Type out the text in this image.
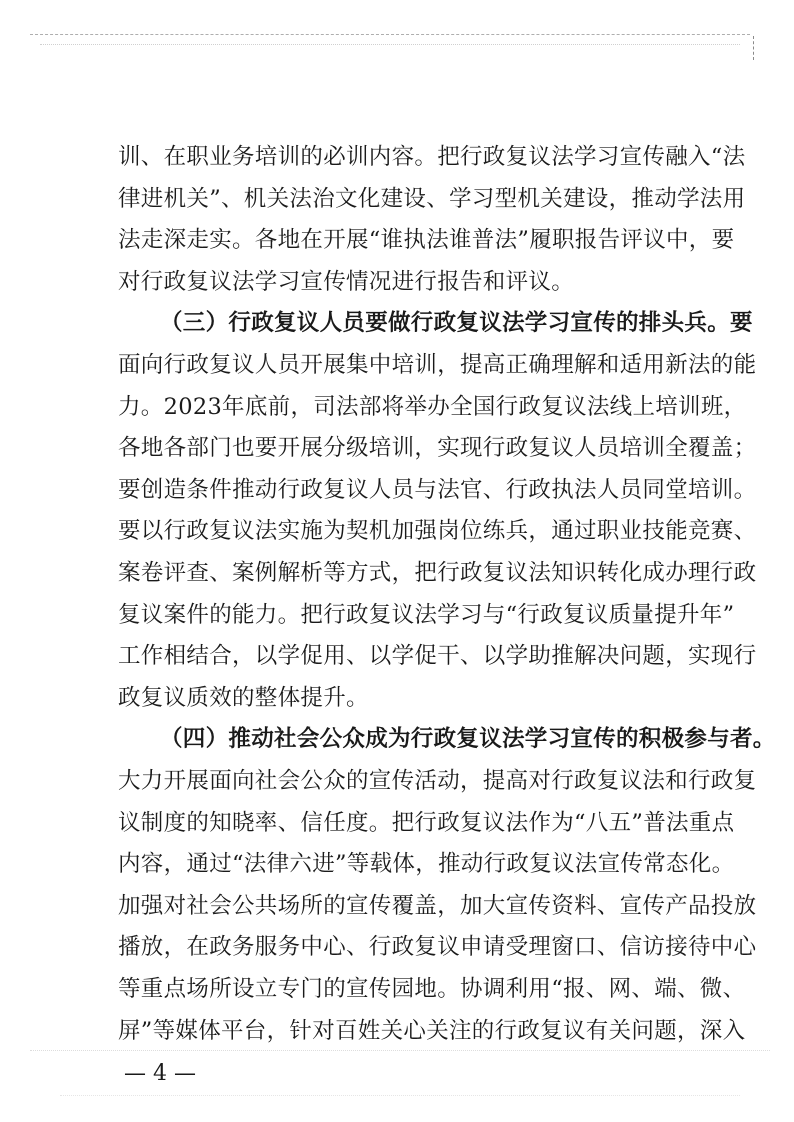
训、在职业务培训的必训内容。把行政复议法学习宣传融入“法
律进机关”、机关法治文化建设、学习型机关建设，推动学法用
法走深走实。各地在开展“谁执法谁普法”履职报告评议中，要
对行政复议法学习宣传情况进行报告和评议。
（三）行政复议人员要做行政复议法学习宣传的排头兵。要
面向行政复议人员开展集中培训，提高正确理解和适用新法的能
力。2023年底前，司法部将举办全国行政复议法线上培训班，
各地各部门也要开展分级培训，实现行政复议人员培训全覆盖；
要创造条件推动行政复议人员与法官、行政执法人员同堂培训。
要以行政复议法实施为契机加强岗位练兵，通过职业技能竞赛、
案卷评查、案例解析等方式，把行政复议法知识转化成办理行政
复议案件的能力。把行政复议法学习与“行政复议质量提升年”
工作相结合，以学促用、以学促干、以学助推解决问题，实现行
政复议质效的整体提升。
（四）推动社会公众成为行政复议法学习宣传的积极参与者。
大力开展面向社会公众的宣传活动，提高对行政复议法和行政复
议制度的知晓率、信任度。把行政复议法作为“八五”普法重点
内容，通过“法律六进”等载体，推动行政复议法宣传常态化。
加强对社会公共场所的宣传覆盖，加大宣传资料、宣传产品投放
播放，在政务服务中心、行政复议申请受理窗口、信访接待中心
等重点场所设立专门的宣传园地。协调利用“报、网、端、微、
屏”等媒体平台，针对百姓关心关注的行政复议有关问题，深入
— 4 —
